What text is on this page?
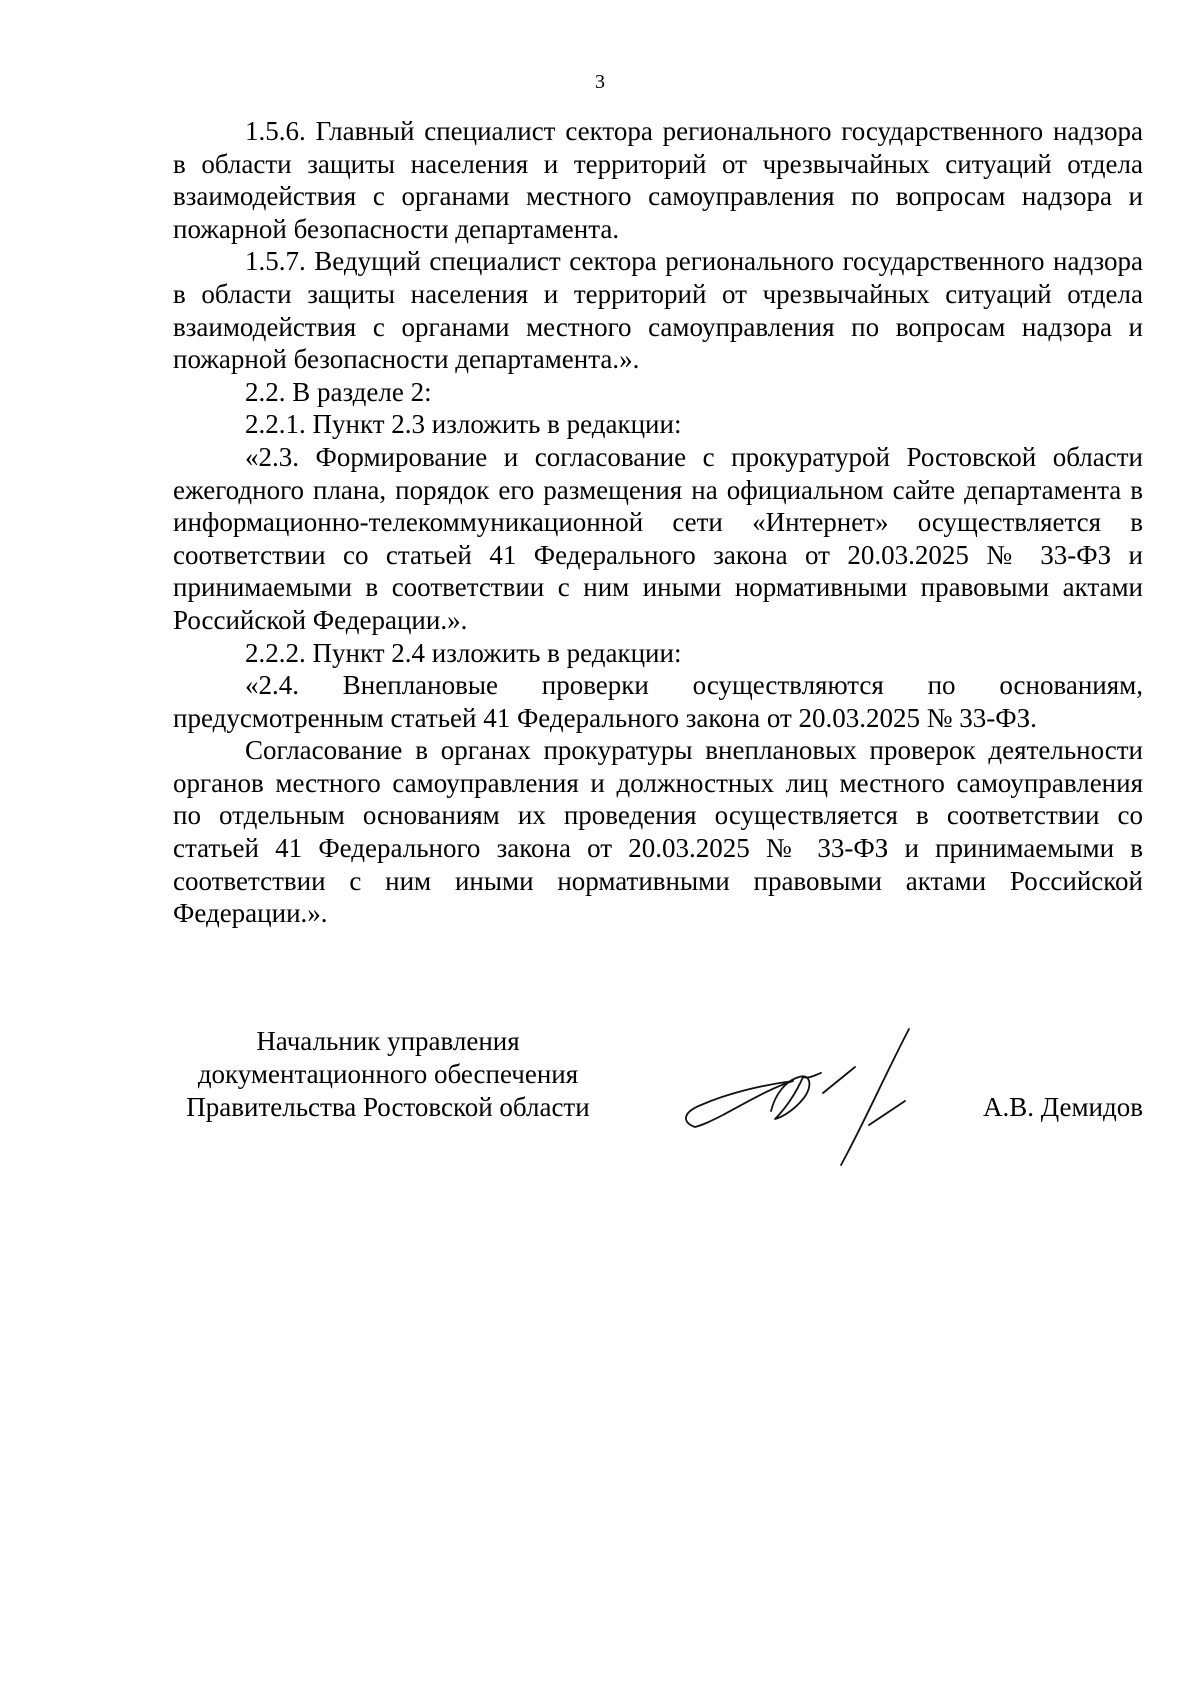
3

1.5.6. Главный специалист сектора регионального государственного надзора в области защиты населения и территорий от чрезвычайных ситуаций отдела взаимодействия с органами местного самоуправления по вопросам надзора и пожарной безопасности департамента.

1.5.7. Ведущий специалист сектора регионального государственного надзора в области защиты населения и территорий от чрезвычайных ситуаций отдела взаимодействия с органами местного самоуправления по вопросам надзора и пожарной безопасности департамента.».

2.2. В разделе 2:

2.2.1. Пункт 2.3 изложить в редакции:

«2.3. Формирование и согласование с прокуратурой Ростовской области ежегодного плана, порядок его размещения на официальном сайте департамента в информационно-телекоммуникационной сети «Интернет» осуществляется в соответствии со статьей 41 Федерального закона от 20.03.2025 № 33-ФЗ и принимаемыми в соответствии с ним иными нормативными правовыми актами Российской Федерации.».

2.2.2. Пункт 2.4 изложить в редакции:

«2.4. Внеплановые проверки осуществляются по основаниям, предусмотренным статьей 41 Федерального закона от 20.03.2025 № 33-ФЗ.

Согласование в органах прокуратуры внеплановых проверок деятельности органов местного самоуправления и должностных лиц местного самоуправления по отдельным основаниям их проведения осуществляется в соответствии со статьей 41 Федерального закона от 20.03.2025 № 33-ФЗ и принимаемыми в соответствии с ним иными нормативными правовыми актами Российской Федерации.».

Начальник управления
документационного обеспечения
Правительства Ростовской области	А.В. Демидов
